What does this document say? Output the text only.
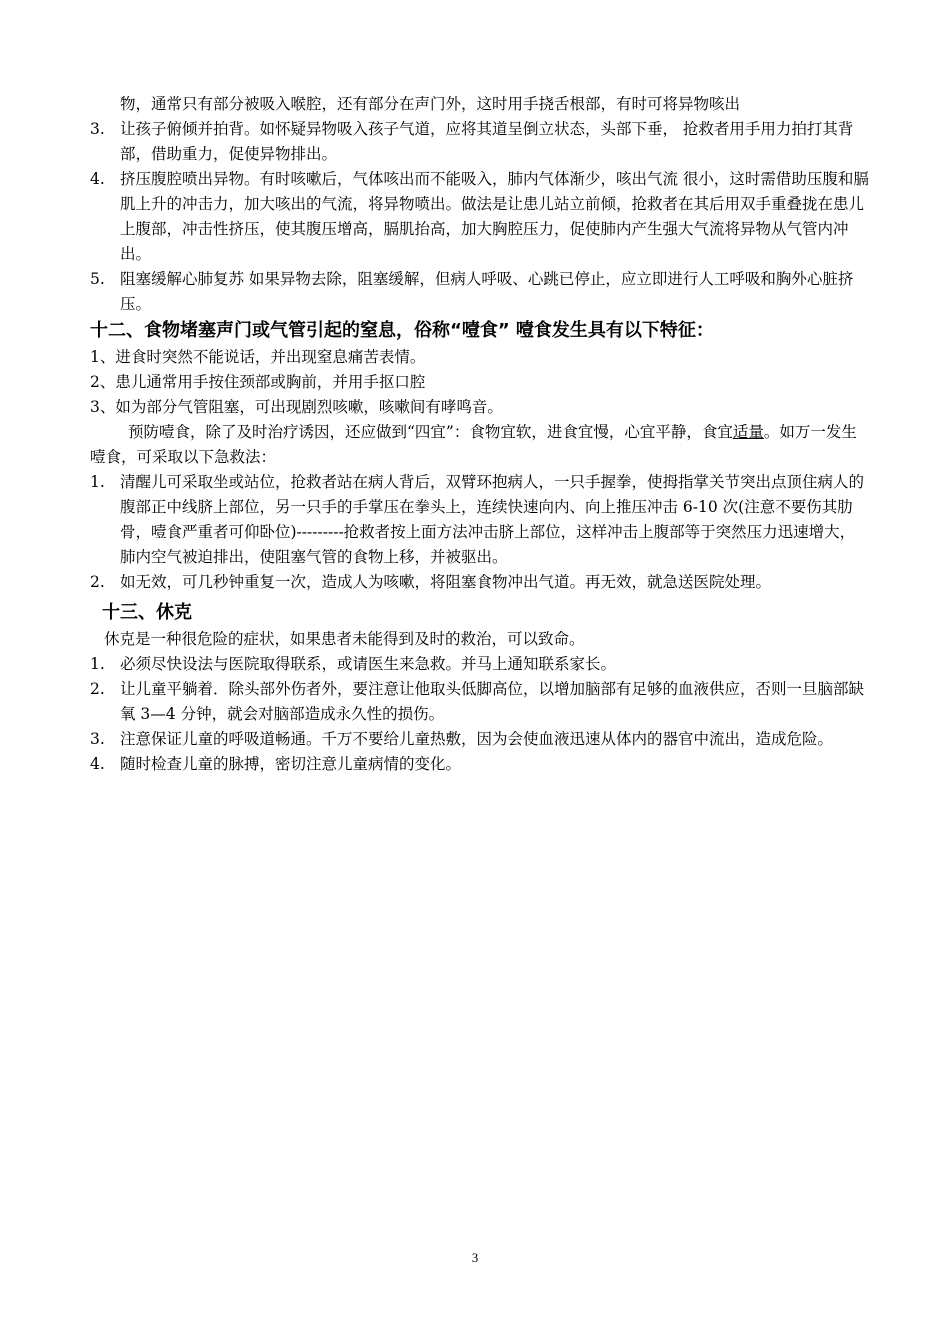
物，通常只有部分被吸入喉腔，还有部分在声门外，这时用手挠舌根部，有时可将异物咳出

3. 让孩子俯倾并拍背。如怀疑异物吸入孩子气道，应将其道呈倒立状态，头部下垂， 抢救者用手用力拍打其背部，借助重力，促使异物排出。
4. 挤压腹腔喷出异物。有时咳嗽后，气体咳出而不能吸入，肺内气体渐少，咳出气流 很小，这时需借助压腹和膈肌上升的冲击力，加大咳出的气流，将异物喷出。做法是让患儿站立前倾，抢救者在其后用双手重叠拢在患儿上腹部，冲击性挤压，使其腹压增高，膈肌抬高，加大胸腔压力，促使肺内产生强大气流将异物从气管内冲出。
5. 阻塞缓解心肺复苏 如果异物去除，阻塞缓解，但病人呼吸、心跳已停止，应立即进行人工呼吸和胸外心脏挤压。
十二、食物堵塞声门或气管引起的窒息，俗称“噎食” 噎食发生具有以下特征：

1、进食时突然不能说话，并出现窒息痛苦表情。

2、患儿通常用手按住颈部或胸前，并用手抠口腔

3、如为部分气管阻塞，可出现剧烈咳嗽，咳嗽间有哮鸣音。

预防噎食，除了及时治疗诱因，还应做到“四宜”：食物宜软，进食宜慢，心宜平静，食宜适量。如万一发生噎食，可采取以下急救法：

1. 清醒儿可采取坐或站位，抢救者站在病人背后，双臂环抱病人，一只手握拳，使拇指掌关节突出点顶住病人的腹部正中线脐上部位，另一只手的手掌压在拳头上，连续快速向内、向上推压冲击 6-10 次(注意不要伤其肋骨，噎食严重者可仰卧位)---------抢救者按上面方法冲击脐上部位，这样冲击上腹部等于突然压力迅速增大，肺内空气被迫排出，使阻塞气管的食物上移，并被驱出。
2. 如无效，可几秒钟重复一次，造成人为咳嗽，将阻塞食物冲出气道。再无效，就急送医院处理。
十三、休克

休克是一种很危险的症状，如果患者未能得到及时的救治，可以致命。

1. 必须尽快设法与医院取得联系，或请医生来急救。并马上通知联系家长。
2. 让儿童平躺着．除头部外伤者外，要注意让他取头低脚高位，以增加脑部有足够的血液供应，否则一旦脑部缺氧 3—4 分钟，就会对脑部造成永久性的损伤。
3. 注意保证儿童的呼吸道畅通。千万不要给儿童热敷，因为会使血液迅速从体内的器官中流出，造成危险。
4. 随时检查儿童的脉搏，密切注意儿童病情的变化。
3
